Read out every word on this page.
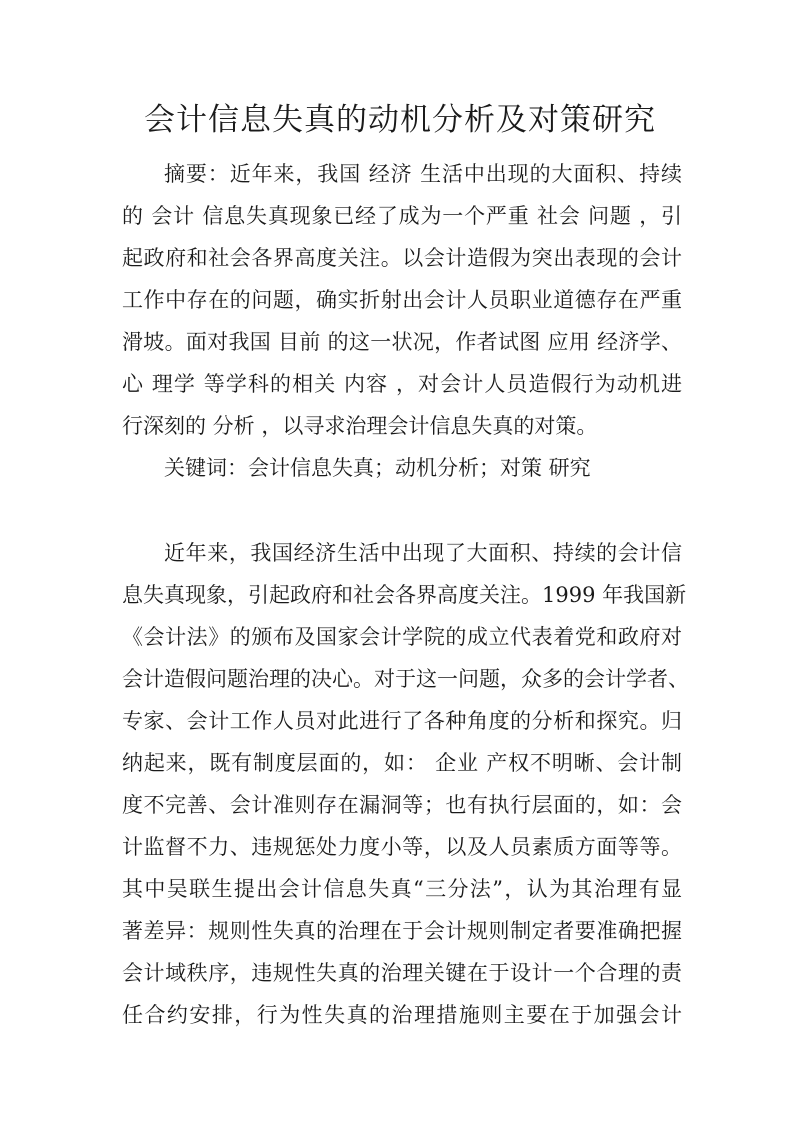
会计信息失真的动机分析及对策研究
摘要：近年来，我国 经济 生活中出现的大面积、持续
的 会计 信息失真现象已经了成为一个严重 社会 问题 ，引
起政府和社会各界高度关注。以会计造假为突出表现的会计
工作中存在的问题，确实折射出会计人员职业道德存在严重
滑坡。面对我国 目前 的这一状况，作者试图 应用 经济学、
心 理学 等学科的相关 内容 ，对会计人员造假行为动机进
行深刻的 分析 ，以寻求治理会计信息失真的对策。
关键词：会计信息失真；动机分析；对策 研究
近年来，我国经济生活中出现了大面积、持续的会计信
息失真现象，引起政府和社会各界高度关注。1999 年我国新
《会计法》的颁布及国家会计学院的成立代表着党和政府对
会计造假问题治理的决心。对于这一问题，众多的会计学者、
专家、会计工作人员对此进行了各种角度的分析和探究。归
纳起来，既有制度层面的，如： 企业 产权不明晰、会计制
度不完善、会计准则存在漏洞等；也有执行层面的，如：会
计监督不力、违规惩处力度小等，以及人员素质方面等等。
其中吴联生提出会计信息失真“三分法”，认为其治理有显
著差异：规则性失真的治理在于会计规则制定者要准确把握
会计域秩序，违规性失真的治理关键在于设计一个合理的责
任合约安排，行为性失真的治理措施则主要在于加强会计
